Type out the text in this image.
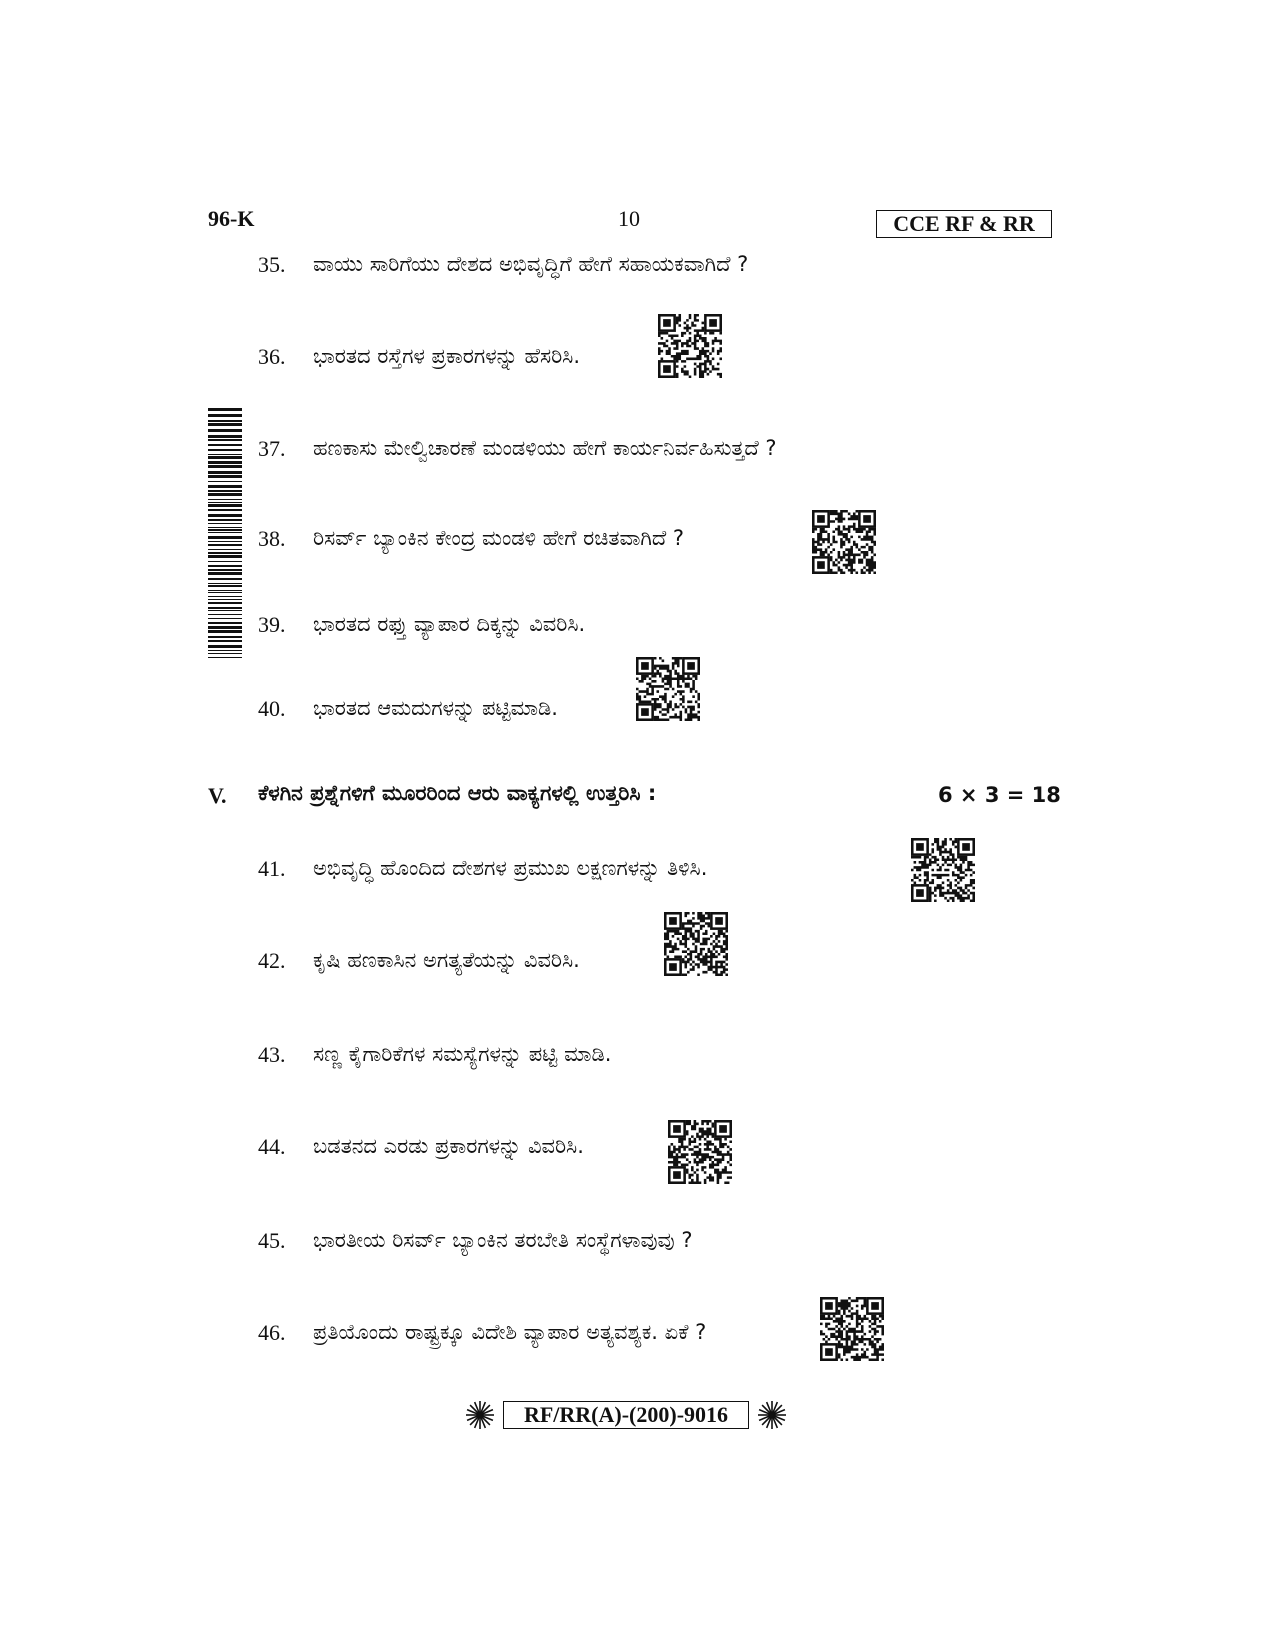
96-K	10	CCE RF & RR
35.	ವಾಯು ಸಾರಿಗೆಯು ದೇಶದ ಅಭಿವೃದ್ಧಿಗೆ ಹೇಗೆ ಸಹಾಯಕವಾಗಿದೆ ?
36.	ಭಾರತದ ರಸ್ತೆಗಳ ಪ್ರಕಾರಗಳನ್ನು ಹೆಸರಿಸಿ.
37.	ಹಣಕಾಸು ಮೇಲ್ವಿಚಾರಣೆ ಮಂಡಳಿಯು ಹೇಗೆ ಕಾರ್ಯನಿರ್ವಹಿಸುತ್ತದೆ ?
38.	ರಿಸರ್ವ್ ಬ್ಯಾಂಕಿನ ಕೇಂದ್ರ ಮಂಡಳಿ ಹೇಗೆ ರಚಿತವಾಗಿದೆ ?
39.	ಭಾರತದ ರಫ್ತು ವ್ಯಾಪಾರ ದಿಕ್ಕನ್ನು ವಿವರಿಸಿ.
40.	ಭಾರತದ ಆಮದುಗಳನ್ನು ಪಟ್ಟಿಮಾಡಿ.
V. ಕೆಳಗಿನ ಪ್ರಶ್ನೆಗಳಿಗೆ ಮೂರರಿಂದ ಆರು ವಾಕ್ಯಗಳಲ್ಲಿ ಉತ್ತರಿಸಿ :	6 × 3 = 18
41.	ಅಭಿವೃದ್ಧಿ ಹೊಂದಿದ ದೇಶಗಳ ಪ್ರಮುಖ ಲಕ್ಷಣಗಳನ್ನು ತಿಳಿಸಿ.
42.	ಕೃಷಿ ಹಣಕಾಸಿನ ಅಗತ್ಯತೆಯನ್ನು ವಿವರಿಸಿ.
43.	ಸಣ್ಣ ಕೈಗಾರಿಕೆಗಳ ಸಮಸ್ಯೆಗಳನ್ನು ಪಟ್ಟಿ ಮಾಡಿ.
44.	ಬಡತನದ ಎರಡು ಪ್ರಕಾರಗಳನ್ನು ವಿವರಿಸಿ.
45.	ಭಾರತೀಯ ರಿಸರ್ವ್ ಬ್ಯಾಂಕಿನ ತರಬೇತಿ ಸಂಸ್ಥೆಗಳಾವುವು ?
46.	ಪ್ರತಿಯೊಂದು ರಾಷ್ಟ್ರಕ್ಕೂ ವಿದೇಶಿ ವ್ಯಾಪಾರ ಅತ್ಯವಶ್ಯಕ. ಏಕೆ ?
RF/RR(A)-(200)-9016
